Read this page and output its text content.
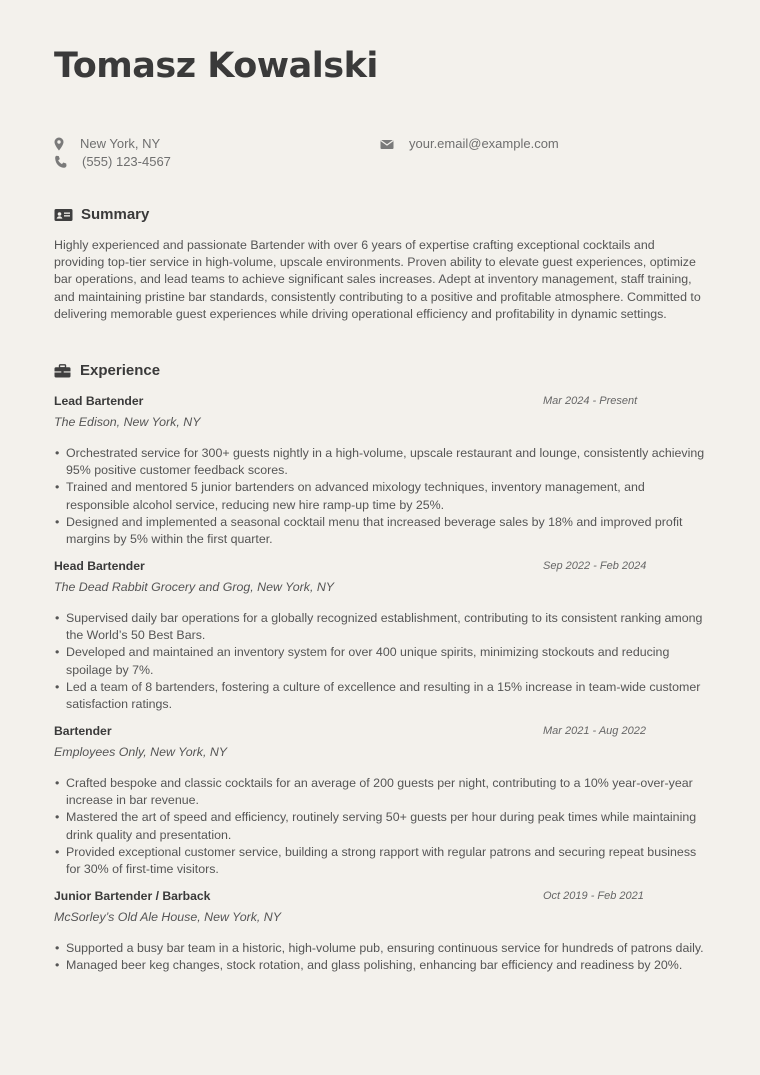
Tomasz Kowalski
New York, NY
(555) 123-4567
your.email@example.com
Summary

Highly experienced and passionate Bartender with over 6 years of expertise crafting exceptional cocktails and providing top-tier service in high-volume, upscale environments. Proven ability to elevate guest experiences, optimize bar operations, and lead teams to achieve significant sales increases. Adept at inventory management, staff training, and maintaining pristine bar standards, consistently contributing to a positive and profitable atmosphere. Committed to delivering memorable guest experiences while driving operational efficiency and profitability in dynamic settings.

Experience
Lead Bartender	Mar 2024 - Present
The Edison, New York, NY
• Orchestrated service for 300+ guests nightly in a high-volume, upscale restaurant and lounge, consistently achieving 95% positive customer feedback scores.
• Trained and mentored 5 junior bartenders on advanced mixology techniques, inventory management, and responsible alcohol service, reducing new hire ramp-up time by 25%.
• Designed and implemented a seasonal cocktail menu that increased beverage sales by 18% and improved profit margins by 5% within the first quarter.
Head Bartender	Sep 2022 - Feb 2024
The Dead Rabbit Grocery and Grog, New York, NY
• Supervised daily bar operations for a globally recognized establishment, contributing to its consistent ranking among the World’s 50 Best Bars.
• Developed and maintained an inventory system for over 400 unique spirits, minimizing stockouts and reducing spoilage by 7%.
• Led a team of 8 bartenders, fostering a culture of excellence and resulting in a 15% increase in team-wide customer satisfaction ratings.
Bartender	Mar 2021 - Aug 2022
Employees Only, New York, NY
• Crafted bespoke and classic cocktails for an average of 200 guests per night, contributing to a 10% year-over-year increase in bar revenue.
• Mastered the art of speed and efficiency, routinely serving 50+ guests per hour during peak times while maintaining drink quality and presentation.
• Provided exceptional customer service, building a strong rapport with regular patrons and securing repeat business for 30% of first-time visitors.
Junior Bartender / Barback	Oct 2019 - Feb 2021
McSorley’s Old Ale House, New York, NY
• Supported a busy bar team in a historic, high-volume pub, ensuring continuous service for hundreds of patrons daily.
• Managed beer keg changes, stock rotation, and glass polishing, enhancing bar efficiency and readiness by 20%.
